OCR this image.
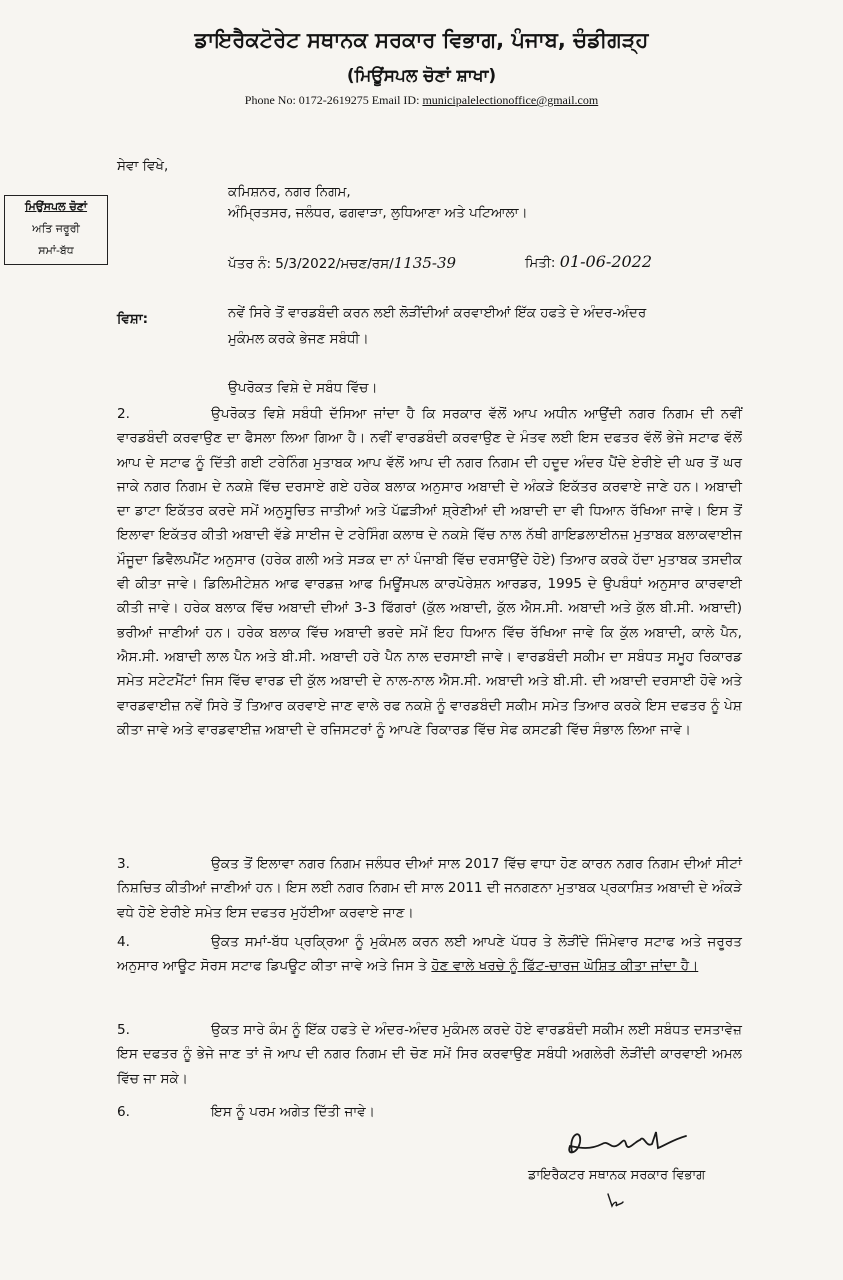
ਡਾਇਰੈਕਟੋਰੇਟ ਸਥਾਨਕ ਸਰਕਾਰ ਵਿਭਾਗ, ਪੰਜਾਬ, ਚੰਡੀਗੜ੍ਹ
(ਮਿਊਂਸਪਲ ਚੋਣਾਂ ਸ਼ਾਖਾ)

Phone No: 0172-2619275 Email ID: municipalelectionoffice@gmail.com

ਮਿਉਂਸਪਲ ਚੋਣਾਂ
ਅਤਿ ਜਰੂਰੀ
ਸਮਾਂ-ਬੱਧ

ਸੇਵਾ ਵਿਖੇ,

ਕਮਿਸ਼ਨਰ, ਨਗਰ ਨਿਗਮ,

ਅੰਮ੍ਰਿਤਸਰ, ਜਲੰਧਰ, ਫਗਵਾੜਾ, ਲੁਧਿਆਣਾ ਅਤੇ ਪਟਿਆਲਾ।

ਪੱਤਰ ਨੰ: 5/3/2022/ਮਚਣ/ਰਸ/1135-39	ਮਿਤੀ: 01-06-2022

ਵਿਸ਼ਾ:	ਨਵੇਂ ਸਿਰੇ ਤੋਂ ਵਾਰਡਬੰਦੀ ਕਰਨ ਲਈ ਲੋੜੀਂਦੀਆਂ ਕਰਵਾਈਆਂ ਇੱਕ ਹਫਤੇ ਦੇ ਅੰਦਰ-ਅੰਦਰ

ਮੁਕੰਮਲ ਕਰਕੇ ਭੇਜਣ ਸਬੰਧੀ।

ਉਪਰੋਕਤ ਵਿਸ਼ੇ ਦੇ ਸਬੰਧ ਵਿੱਚ।

2.	ਉਪਰੋਕਤ ਵਿਸ਼ੇ ਸਬੰਧੀ ਦੱਸਿਆ ਜਾਂਦਾ ਹੈ ਕਿ ਸਰਕਾਰ ਵੱਲੋਂ ਆਪ ਅਧੀਨ ਆਉਂਦੀ ਨਗਰ ਨਿਗਮ ਦੀ ਨਵੀਂ ਵਾਰਡਬੰਦੀ ਕਰਵਾਉਣ ਦਾ ਫੈਸਲਾ ਲਿਆ ਗਿਆ ਹੈ। ਨਵੀਂ ਵਾਰਡਬੰਦੀ ਕਰਵਾਉਣ ਦੇ ਮੰਤਵ ਲਈ ਇਸ ਦਫਤਰ ਵੱਲੋਂ ਭੇਜੇ ਸਟਾਫ ਵੱਲੋਂ ਆਪ ਦੇ ਸਟਾਫ ਨੂੰ ਦਿੱਤੀ ਗਈ ਟਰੇਨਿੰਗ ਮੁਤਾਬਕ ਆਪ ਵੱਲੋਂ ਆਪ ਦੀ ਨਗਰ ਨਿਗਮ ਦੀ ਹਦੂਦ ਅੰਦਰ ਪੈਂਦੇ ਏਰੀਏ ਦੀ ਘਰ ਤੋਂ ਘਰ ਜਾਕੇ ਨਗਰ ਨਿਗਮ ਦੇ ਨਕਸ਼ੇ ਵਿੱਚ ਦਰਸਾਏ ਗਏ ਹਰੇਕ ਬਲਾਕ ਅਨੁਸਾਰ ਅਬਾਦੀ ਦੇ ਅੰਕੜੇ ਇਕੱਤਰ ਕਰਵਾਏ ਜਾਣੇ ਹਨ। ਅਬਾਦੀ ਦਾ ਡਾਟਾ ਇਕੱਤਰ ਕਰਦੇ ਸਮੇਂ ਅਨੁਸੂਚਿਤ ਜਾਤੀਆਂ ਅਤੇ ਪੱਛੜੀਆਂ ਸ਼੍ਰੇਣੀਆਂ ਦੀ ਅਬਾਦੀ ਦਾ ਵੀ ਧਿਆਨ ਰੱਖਿਆ ਜਾਵੇ। ਇਸ ਤੋਂ ਇਲਾਵਾ ਇਕੱਤਰ ਕੀਤੀ ਅਬਾਦੀ ਵੱਡੇ ਸਾਈਜ ਦੇ ਟਰੇਸਿੰਗ ਕਲਾਥ ਦੇ ਨਕਸ਼ੇ ਵਿੱਚ ਨਾਲ ਨੱਥੀ ਗਾਇਡਲਾਈਨਜ਼ ਮੁਤਾਬਕ ਬਲਾਕਵਾਈਜ ਮੌਜੂਦਾ ਡਿਵੈਲਪਮੈਂਟ ਅਨੁਸਾਰ (ਹਰੇਕ ਗਲੀ ਅਤੇ ਸੜਕ ਦਾ ਨਾਂ ਪੰਜਾਬੀ ਵਿੱਚ ਦਰਸਾਉਂਦੇ ਹੋਏ) ਤਿਆਰ ਕਰਕੇ ਹੱਦਾ ਮੁਤਾਬਕ ਤਸਦੀਕ ਵੀ ਕੀਤਾ ਜਾਵੇ। ਡਿਲਿਮੀਟੇਸ਼ਨ ਆਫ ਵਾਰਡਜ਼ ਆਫ ਮਿਊਂਸਪਲ ਕਾਰਪੋਰੇਸ਼ਨ ਆਰਡਰ, 1995 ਦੇ ਉਪਬੰਧਾਂ ਅਨੁਸਾਰ ਕਾਰਵਾਈ ਕੀਤੀ ਜਾਵੇ। ਹਰੇਕ ਬਲਾਕ ਵਿੱਚ ਅਬਾਦੀ ਦੀਆਂ 3-3 ਫਿੱਗਰਾਂ (ਕੁੱਲ ਅਬਾਦੀ, ਕੁੱਲ ਐਸ.ਸੀ. ਅਬਾਦੀ ਅਤੇ ਕੁੱਲ ਬੀ.ਸੀ. ਅਬਾਦੀ) ਭਰੀਆਂ ਜਾਣੀਆਂ ਹਨ। ਹਰੇਕ ਬਲਾਕ ਵਿੱਚ ਅਬਾਦੀ ਭਰਦੇ ਸਮੇਂ ਇਹ ਧਿਆਨ ਵਿੱਚ ਰੱਖਿਆ ਜਾਵੇ ਕਿ ਕੁੱਲ ਅਬਾਦੀ, ਕਾਲੇ ਪੈਨ, ਐਸ.ਸੀ. ਅਬਾਦੀ ਲਾਲ ਪੈਨ ਅਤੇ ਬੀ.ਸੀ. ਅਬਾਦੀ ਹਰੇ ਪੈਨ ਨਾਲ ਦਰਸਾਈ ਜਾਵੇ। ਵਾਰਡਬੰਦੀ ਸਕੀਮ ਦਾ ਸਬੰਧਤ ਸਮੂਹ ਰਿਕਾਰਡ ਸਮੇਤ ਸਟੇਟਮੈਂਟਾਂ ਜਿਸ ਵਿੱਚ ਵਾਰਡ ਦੀ ਕੁੱਲ ਅਬਾਦੀ ਦੇ ਨਾਲ-ਨਾਲ ਐਸ.ਸੀ. ਅਬਾਦੀ ਅਤੇ ਬੀ.ਸੀ. ਦੀ ਅਬਾਦੀ ਦਰਸਾਈ ਹੋਵੇ ਅਤੇ ਵਾਰਡਵਾਈਜ਼ ਨਵੇਂ ਸਿਰੇ ਤੋਂ ਤਿਆਰ ਕਰਵਾਏ ਜਾਣ ਵਾਲੇ ਰਫ ਨਕਸ਼ੇ ਨੂੰ ਵਾਰਡਬੰਦੀ ਸਕੀਮ ਸਮੇਤ ਤਿਆਰ ਕਰਕੇ ਇਸ ਦਫਤਰ ਨੂੰ ਪੇਸ਼ ਕੀਤਾ ਜਾਵੇ ਅਤੇ ਵਾਰਡਵਾਈਜ਼ ਅਬਾਦੀ ਦੇ ਰਜਿਸਟਰਾਂ ਨੂੰ ਆਪਣੇ ਰਿਕਾਰਡ ਵਿੱਚ ਸੇਫ ਕਸਟਡੀ ਵਿੱਚ ਸੰਭਾਲ ਲਿਆ ਜਾਵੇ।

3.	ਉਕਤ ਤੋਂ ਇਲਾਵਾ ਨਗਰ ਨਿਗਮ ਜਲੰਧਰ ਦੀਆਂ ਸਾਲ 2017 ਵਿੱਚ ਵਾਧਾ ਹੋਣ ਕਾਰਨ ਨਗਰ ਨਿਗਮ ਦੀਆਂ ਸੀਟਾਂ ਨਿਸ਼ਚਿਤ ਕੀਤੀਆਂ ਜਾਣੀਆਂ ਹਨ। ਇਸ ਲਈ ਨਗਰ ਨਿਗਮ ਦੀ ਸਾਲ 2011 ਦੀ ਜਨਗਣਨਾ ਮੁਤਾਬਕ ਪ੍ਰਕਾਸ਼ਿਤ ਅਬਾਦੀ ਦੇ ਅੰਕੜੇ ਵਧੇ ਹੋਏ ਏਰੀਏ ਸਮੇਤ ਇਸ ਦਫਤਰ ਮੁਹੱਈਆ ਕਰਵਾਏ ਜਾਣ।

4.	ਉਕਤ ਸਮਾਂ-ਬੱਧ ਪ੍ਰਕ੍ਰਿਆ ਨੂੰ ਮੁਕੰਮਲ ਕਰਨ ਲਈ ਆਪਣੇ ਪੱਧਰ ਤੇ ਲੋੜੀਂਦੇ ਜਿੰਮੇਵਾਰ ਸਟਾਫ ਅਤੇ ਜਰੂਰਤ ਅਨੁਸਾਰ ਆਊਟ ਸੋਰਸ ਸਟਾਫ ਡਿਪਊਟ ਕੀਤਾ ਜਾਵੇ ਅਤੇ ਜਿਸ ਤੇ ਹੋਣ ਵਾਲੇ ਖਰਚੇ ਨੂੰ ਫਿੱਟ-ਚਾਰਜ ਘੋਸ਼ਿਤ ਕੀਤਾ ਜਾਂਦਾ ਹੈ।

5.	ਉਕਤ ਸਾਰੇ ਕੰਮ ਨੂੰ ਇੱਕ ਹਫਤੇ ਦੇ ਅੰਦਰ-ਅੰਦਰ ਮੁਕੰਮਲ ਕਰਦੇ ਹੋਏ ਵਾਰਡਬੰਦੀ ਸਕੀਮ ਲਈ ਸਬੰਧਤ ਦਸਤਾਵੇਜ਼ ਇਸ ਦਫਤਰ ਨੂੰ ਭੇਜੇ ਜਾਣ ਤਾਂ ਜੋ ਆਪ ਦੀ ਨਗਰ ਨਿਗਮ ਦੀ ਚੋਣ ਸਮੇਂ ਸਿਰ ਕਰਵਾਉਣ ਸਬੰਧੀ ਅਗਲੇਰੀ ਲੋੜੀਂਦੀ ਕਾਰਵਾਈ ਅਮਲ ਵਿੱਚ ਜਾ ਸਕੇ।

6.	ਇਸ ਨੂੰ ਪਰਮ ਅਗੇਤ ਦਿੱਤੀ ਜਾਵੇ।

ਡਾਇਰੈਕਟਰ ਸਥਾਨਕ ਸਰਕਾਰ ਵਿਭਾਗ
